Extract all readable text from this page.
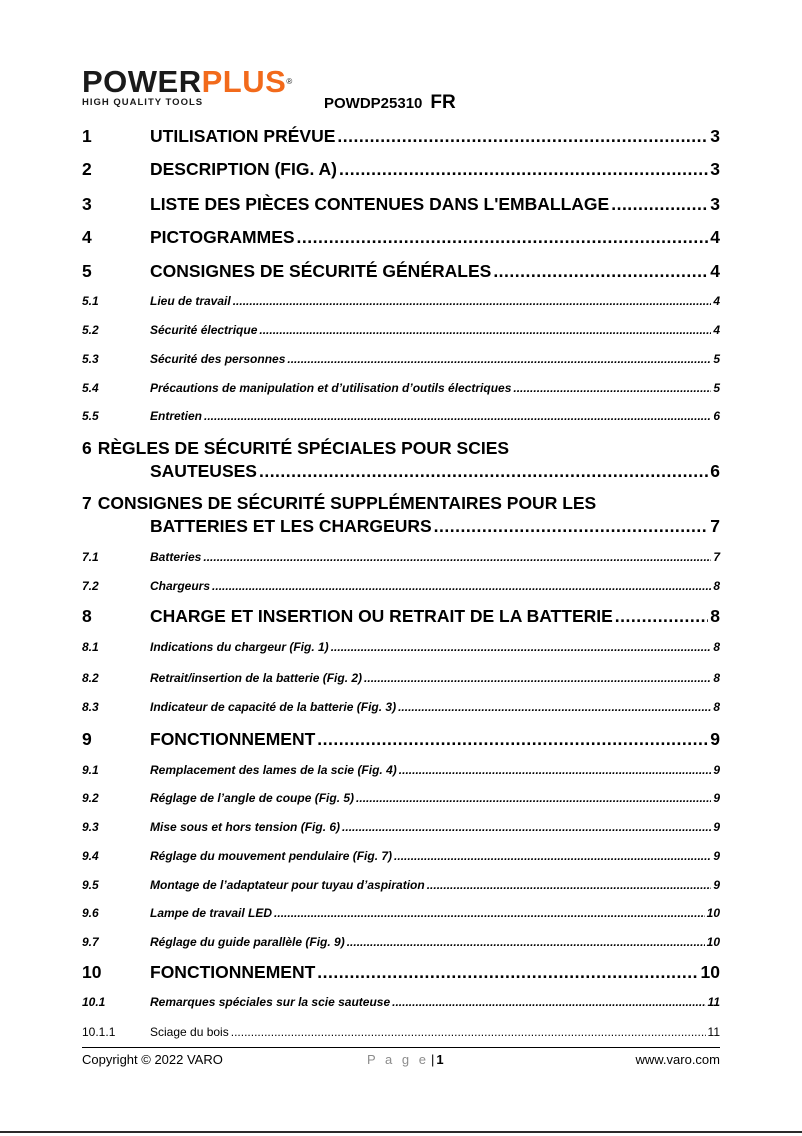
POWERPLUS®
HIGH QUALITY TOOLS	POWDP25310 FR
1	UTILISATION PRÉVUE .....	3
2	DESCRIPTION (FIG. A) .....	3
3	LISTE DES PIÈCES CONTENUES DANS L'EMBALLAGE .....	3
4	PICTOGRAMMES .....	4
5	CONSIGNES DE SÉCURITÉ GÉNÉRALES .....	4
5.1	Lieu de travail .....	4
5.2	Sécurité électrique .....	4
5.3	Sécurité des personnes .....	5
5.4	Précautions de manipulation et d’utilisation d’outils électriques .....	5
5.5	Entretien .....	6
6 RÈGLES DE SÉCURITÉ SPÉCIALES POUR SCIES
SAUTEUSES .....	6
7 CONSIGNES DE SÉCURITÉ SUPPLÉMENTAIRES POUR LES
BATTERIES ET LES CHARGEURS .....	7
7.1	Batteries .....	7
7.2	Chargeurs .....	8
8	CHARGE ET INSERTION OU RETRAIT DE LA BATTERIE .....	8
8.1	Indications du chargeur (Fig. 1) .....	8
8.2	Retrait/insertion de la batterie (Fig. 2) .....	8
8.3	Indicateur de capacité de la batterie (Fig. 3) .....	8
9	FONCTIONNEMENT .....	9
9.1	Remplacement des lames de la scie (Fig. 4) .....	9
9.2	Réglage de l’angle de coupe (Fig. 5) .....	9
9.3	Mise sous et hors tension (Fig. 6) .....	9
9.4	Réglage du mouvement pendulaire (Fig. 7) .....	9
9.5	Montage de l’adaptateur pour tuyau d’aspiration .....	9
9.6	Lampe de travail LED .....	10
9.7	Réglage du guide parallèle (Fig. 9) .....	10
10	FONCTIONNEMENT .....	10
10.1	Remarques spéciales sur la scie sauteuse .....	11
10.1.1	Sciage du bois .....	11
Copyright © 2022 VARO	P a g e | 1	www.varo.com
